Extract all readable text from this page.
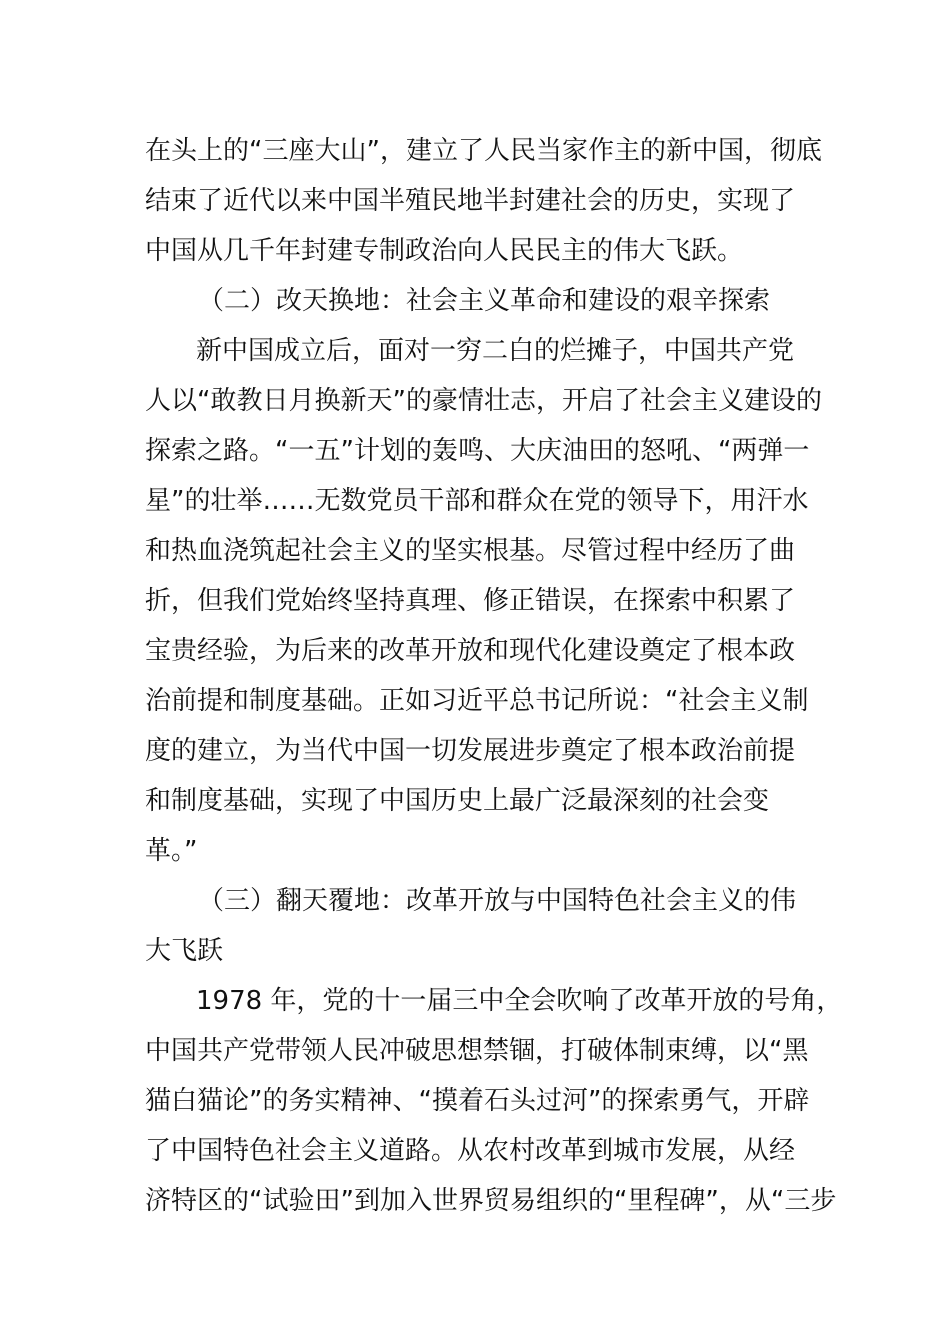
在头上的“三座大山”，建立了人民当家作主的新中国，彻底
结束了近代以来中国半殖民地半封建社会的历史，实现了
中国从几千年封建专制政治向人民民主的伟大飞跃。
（二）改天换地：社会主义革命和建设的艰辛探索
新中国成立后，面对一穷二白的烂摊子，中国共产党
人以“敢教日月换新天”的豪情壮志，开启了社会主义建设的
探索之路。“一五”计划的轰鸣、大庆油田的怒吼、“两弹一
星”的壮举……无数党员干部和群众在党的领导下，用汗水
和热血浇筑起社会主义的坚实根基。尽管过程中经历了曲
折，但我们党始终坚持真理、修正错误，在探索中积累了
宝贵经验，为后来的改革开放和现代化建设奠定了根本政
治前提和制度基础。正如习近平总书记所说：“社会主义制
度的建立，为当代中国一切发展进步奠定了根本政治前提
和制度基础，实现了中国历史上最广泛最深刻的社会变
革。”
（三）翻天覆地：改革开放与中国特色社会主义的伟
大飞跃
1978 年，党的十一届三中全会吹响了改革开放的号角，
中国共产党带领人民冲破思想禁锢，打破体制束缚，以“黑
猫白猫论”的务实精神、“摸着石头过河”的探索勇气，开辟
了中国特色社会主义道路。从农村改革到城市发展，从经
济特区的“试验田”到加入世界贸易组织的“里程碑”，从“三步
